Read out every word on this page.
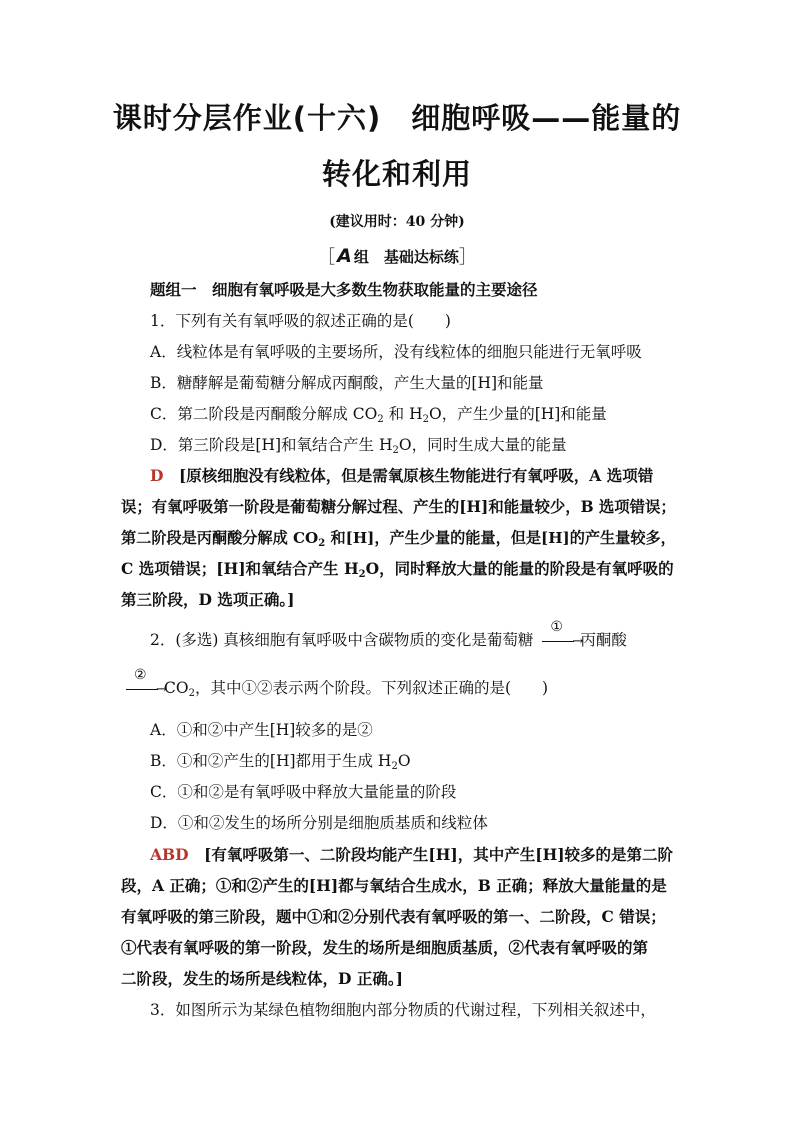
课时分层作业(十六)　细胞呼吸——能量的
转化和利用
(建议用时：40 分钟)
［ A 组　基础达标练］
题组一　细胞有氧呼吸是大多数生物获取能量的主要途径
1．下列有关有氧呼吸的叙述正确的是(　　)
A．线粒体是有氧呼吸的主要场所，没有线粒体的细胞只能进行无氧呼吸
B．糖酵解是葡萄糖分解成丙酮酸，产生大量的[H]和能量
C．第二阶段是丙酮酸分解成 $CO_2$ 和 $H_2O$，产生少量的[H]和能量
D．第三阶段是[H]和氧结合产生 $H_2O$，同时生成大量的能量
D　 [原核细胞没有线粒体，但是需氧原核生物能进行有氧呼吸，A 选项错
误；有氧呼吸第一阶段是葡萄糖分解过程、产生的[H]和能量较少，B 选项错误；
第二阶段是丙酮酸分解成 $CO_2$ 和[H]，产生少量的能量，但是[H]的产生量较多，
C 选项错误；[H]和氧结合产生 $H_2O$，同时释放大量的能量的阶段是有氧呼吸的
第三阶段，D 选项正确。]
2．(多选) 真核细胞有氧呼吸中含碳物质的变化是葡萄糖
①
→
丙酮酸
②
→
$CO_2$，其中①②表示两个阶段。下列叙述正确的是(　　)
A．①和②中产生[H]较多的是②
B．①和②产生的[H]都用于生成 $H_2O$
C．①和②是有氧呼吸中释放大量能量的阶段
D．①和②发生的场所分别是细胞质基质和线粒体
ABD　 [有氧呼吸第一、二阶段均能产生[H]，其中产生[H]较多的是第二阶
段，A 正确；①和②产生的[H]都与氧结合生成水，B 正确；释放大量能量的是
有氧呼吸的第三阶段，题中①和②分别代表有氧呼吸的第一、二阶段，C 错误；
①代表有氧呼吸的第一阶段，发生的场所是细胞质基质，②代表有氧呼吸的第
二阶段，发生的场所是线粒体，D 正确。]
3．如图所示为某绿色植物细胞内部分物质的代谢过程，下列相关叙述中，
